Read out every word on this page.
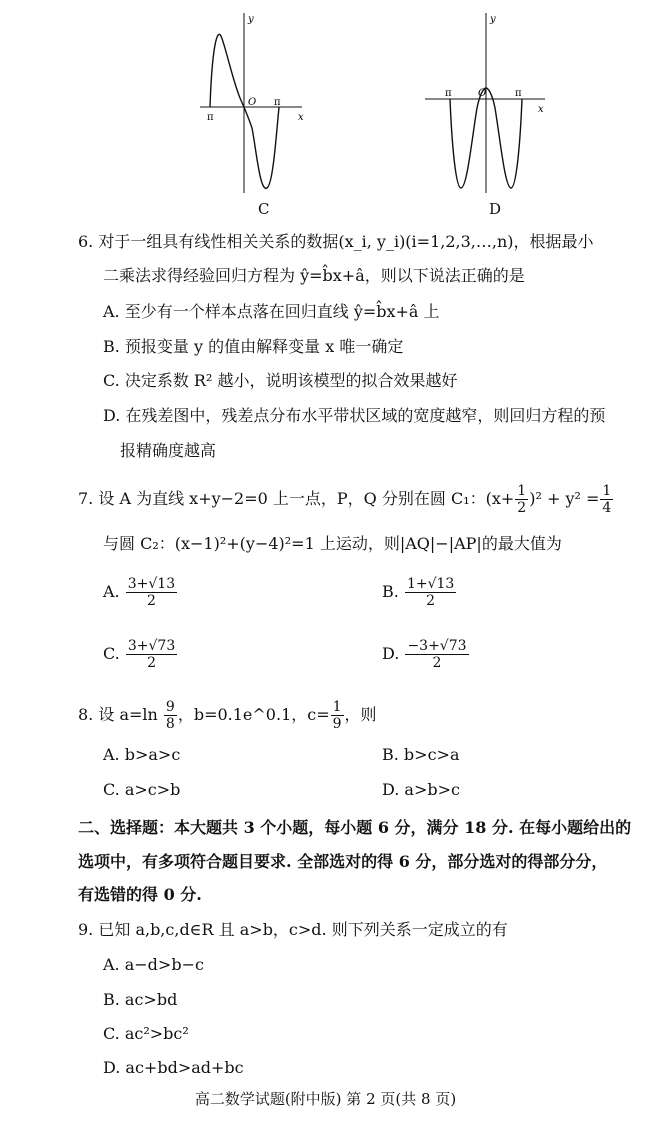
y
x
O π
π
C
y
x
O	π
π
D
6. 对于一组具有线性相关关系的数据(x_i, y_i)(i=1,2,3,…,n)，根据最小
二乘法求得经验回归方程为 ŷ=b̂x+â，则以下说法正确的是
A. 至少有一个样本点落在回归直线 ŷ=b̂x+â 上
B. 预报变量 y 的值由解释变量 x 唯一确定
C. 决定系数 R² 越小，说明该模型的拟合效果越好
D. 在残差图中，残差点分布水平带状区域的宽度越窄，则回归方程的预
报精确度越高
7. 设 A 为直线 x+y−2=0 上一点，P，Q 分别在圆 C₁：$(x+ \frac{1}{2} )^2 + y^2 = \frac{1}{4}$
与圆 C₂：(x−1)²+(y−4)²=1 上运动，则|AQ|−|AP|的最大值为
A. $\frac{3+√13}{2}$	B. $\frac{1+√13}{2}$
C. $\frac{3+√73}{2}$	D. $\frac{-3+√73}{2}$
8. 设 $a=\ln \frac{9}{8}$ ，b=0.1e^0.1，$c= \frac{1}{9}$ ，则
A. b>a>c	B. b>c>a
C. a>c>b	D. a>b>c
二、选择题：本大题共 3 个小题，每小题 6 分，满分 18 分. 在每小题给出的
选项中，有多项符合题目要求. 全部选对的得 6 分，部分选对的得部分分，
有选错的得 0 分.
9. 已知 a,b,c,d∈R 且 a>b，c>d. 则下列关系一定成立的有
A. a−d>b−c
B. ac>bd
C. ac²>bc²
D. ac+bd>ad+bc
高二数学试题(附中版) 第 2 页(共 8 页)
